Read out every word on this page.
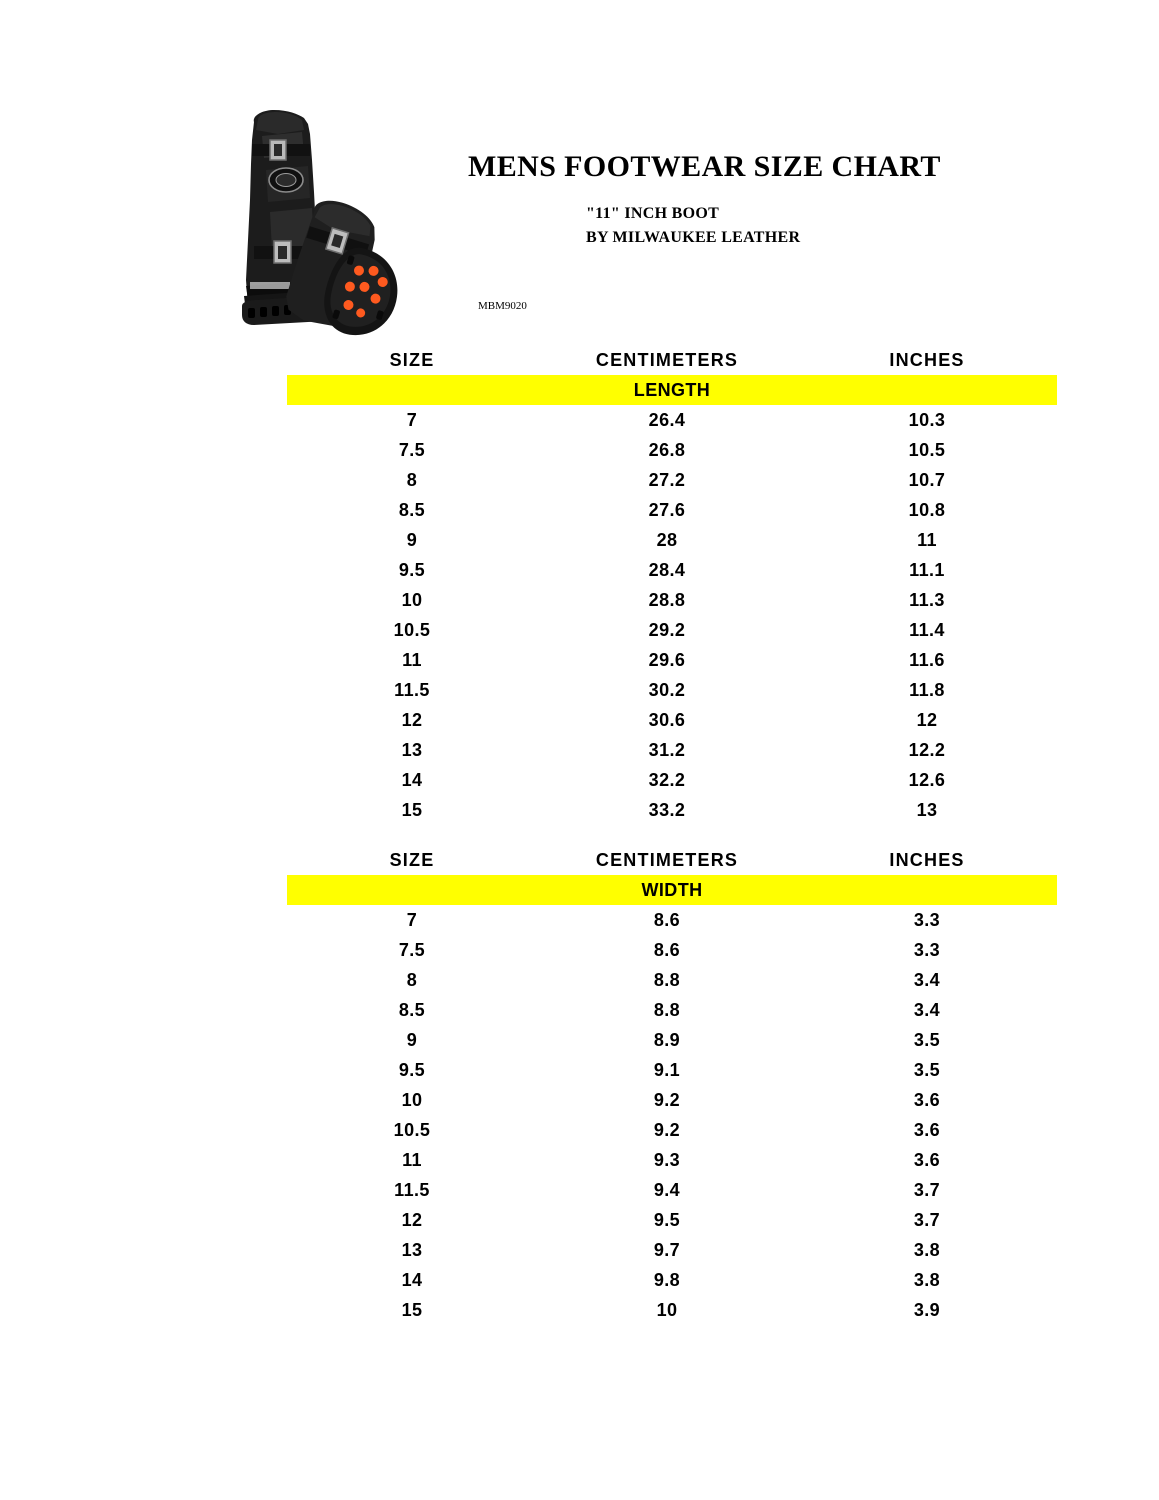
MENS FOOTWEAR SIZE CHART
"11" INCH BOOT
BY MILWAUKEE LEATHER
MBM9020
SIZE	CENTIMETERS	INCHES
LENGTH		
7	26.4	10.3
7.5	26.8	10.5
8	27.2	10.7
8.5	27.6	10.8
9	28	11
9.5	28.4	11.1
10	28.8	11.3
10.5	29.2	11.4
11	29.6	11.6
11.5	30.2	11.8
12	30.6	12
13	31.2	12.2
14	32.2	12.6
15	33.2	13
SIZE	CENTIMETERS	INCHES
WIDTH		
7	8.6	3.3
7.5	8.6	3.3
8	8.8	3.4
8.5	8.8	3.4
9	8.9	3.5
9.5	9.1	3.5
10	9.2	3.6
10.5	9.2	3.6
11	9.3	3.6
11.5	9.4	3.7
12	9.5	3.7
13	9.7	3.8
14	9.8	3.8
15	10	3.9
